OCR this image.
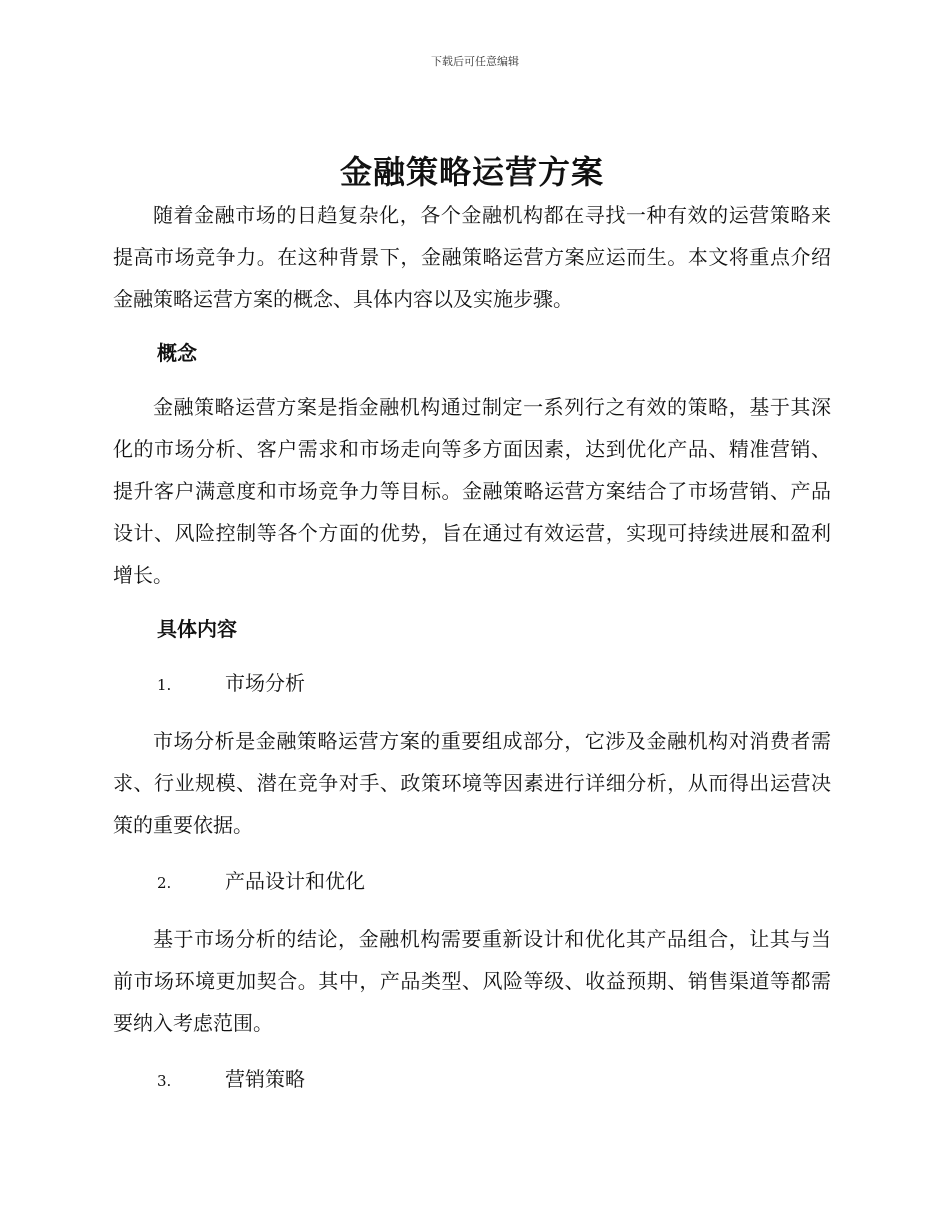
下载后可任意编辑
金融策略运营方案

随着金融市场的日趋复杂化，各个金融机构都在寻找一种有效的运营策略来提高市场竞争力。在这种背景下，金融策略运营方案应运而生。本文将重点介绍金融策略运营方案的概念、具体内容以及实施步骤。

概念

金融策略运营方案是指金融机构通过制定一系列行之有效的策略，基于其深化的市场分析、客户需求和市场走向等多方面因素，达到优化产品、精准营销、提升客户满意度和市场竞争力等目标。金融策略运营方案结合了市场营销、产品设计、风险控制等各个方面的优势，旨在通过有效运营，实现可持续进展和盈利增长。

具体内容
1.	市场分析

市场分析是金融策略运营方案的重要组成部分，它涉及金融机构对消费者需求、行业规模、潜在竞争对手、政策环境等因素进行详细分析，从而得出运营决策的重要依据。

2.	产品设计和优化

基于市场分析的结论，金融机构需要重新设计和优化其产品组合，让其与当前市场环境更加契合。其中，产品类型、风险等级、收益预期、销售渠道等都需要纳入考虑范围。

3.	营销策略
